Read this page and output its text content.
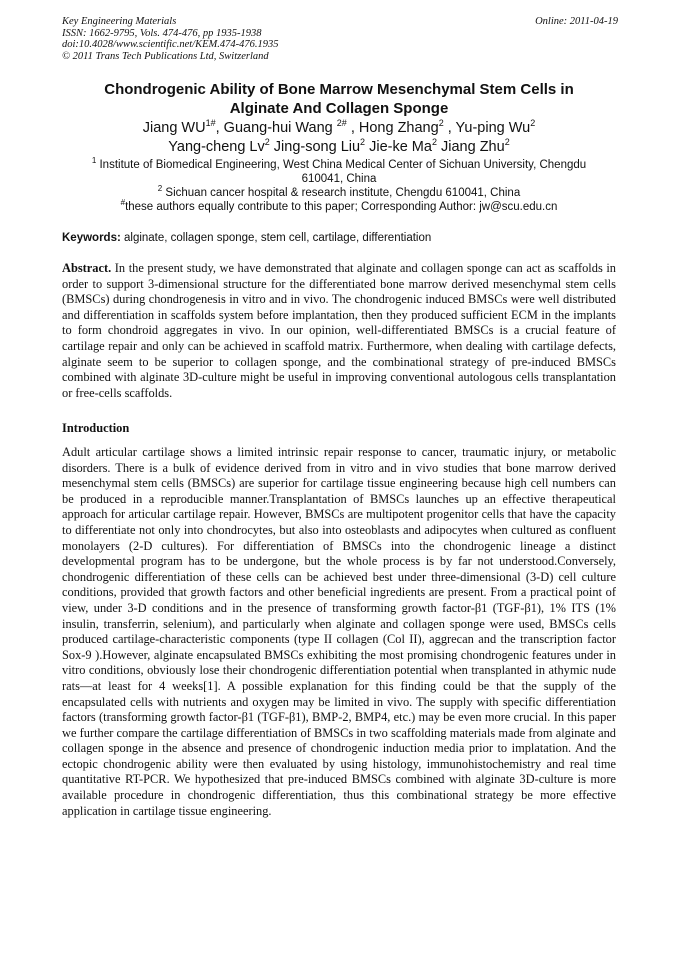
Key Engineering Materials
ISSN: 1662-9795, Vols. 474-476, pp 1935-1938
doi:10.4028/www.scientific.net/KEM.474-476.1935
© 2011 Trans Tech Publications Ltd, Switzerland
Online: 2011-04-19
Chondrogenic Ability of Bone Marrow Mesenchymal Stem Cells in
Alginate And Collagen Sponge
Jiang $WU^{1\#}$, Guang-hui Wang $^{2\#}$ , Hong Zhang$^2$ , Yu-ping Wu$^2$
Yang-cheng Lv$^2$ Jing-song Liu$^2$ Jie-ke Ma$^2$ Jiang Zhu$^2$
$^1$ Institute of Biomedical Engineering, West China Medical Center of Sichuan University, Chengdu
610041, China
$^2$ Sichuan cancer hospital & research institute, Chengdu 610041, China
#these authors equally contribute to this paper; Corresponding Author: jw@scu.edu.cn
Keywords: alginate, collagen sponge, stem cell, cartilage, differentiation
Abstract. In the present study, we have demonstrated that alginate and collagen sponge can act as scaffolds in order to support 3-dimensional structure for the differentiated bone marrow derived mesenchymal stem cells (BMSCs) during chondrogenesis in vitro and in vivo. The chondrogenic induced BMSCs were well distributed and differentiation in scaffolds system before implantation, then they produced sufficient ECM in the implants to form chondroid aggregates in vivo. In our opinion, well-differentiated BMSCs is a crucial feature of cartilage repair and only can be achieved in scaffold matrix. Furthermore, when dealing with cartilage defects, alginate seem to be superior to collagen sponge, and the combinational strategy of pre-induced BMSCs combined with alginate 3D-culture might be useful in improving conventional autologous cells transplantation or free-cells scaffolds.
Introduction
Adult articular cartilage shows a limited intrinsic repair response to cancer, traumatic injury, or metabolic disorders. There is a bulk of evidence derived from in vitro and in vivo studies that bone marrow derived mesenchymal stem cells (BMSCs) are superior for cartilage tissue engineering because high cell numbers can be produced in a reproducible manner.Transplantation of BMSCs launches up an effective therapeutical approach for articular cartilage repair. However, BMSCs are multipotent progenitor cells that have the capacity to differentiate not only into chondrocytes, but also into osteoblasts and adipocytes when cultured as confluent monolayers (2-D cultures). For differentiation of BMSCs into the chondrogenic lineage a distinct developmental program has to be undergone, but the whole process is by far not understood.Conversely, chondrogenic differentiation of these cells can be achieved best under three-dimensional (3-D) cell culture conditions, provided that growth factors and other beneficial ingredients are present. From a practical point of view, under 3-D conditions and in the presence of transforming growth factor-β1 (TGF-β1), 1% ITS (1% insulin, transferrin, selenium), and particularly when alginate and collagen sponge were used, BMSCs cells produced cartilage-characteristic components (type II collagen (Col II), aggrecan and the transcription factor Sox-9 ).However, alginate encapsulated BMSCs exhibiting the most promising chondrogenic features under in vitro conditions, obviously lose their chondrogenic differentiation potential when transplanted in athymic nude rats—at least for 4 weeks[1]. A possible explanation for this finding could be that the supply of the encapsulated cells with nutrients and oxygen may be limited in vivo. The supply with specific differentiation factors (transforming growth factor-β1 (TGF-β1), BMP-2, BMP4, etc.) may be even more crucial. In this paper we further compare the cartilage differentiation of BMSCs in two scaffolding materials made from alginate and collagen sponge in the absence and presence of chondrogenic induction media prior to implatation. And the ectopic chondrogenic ability were then evaluated by using histology, immunohistochemistry and real time quantitative RT-PCR. We hypothesized that pre-induced BMSCs combined with alginate 3D-culture is more available procedure in chondrogenic differentiation, thus this combinational strategy be more effective application in cartilage tissue engineering.
